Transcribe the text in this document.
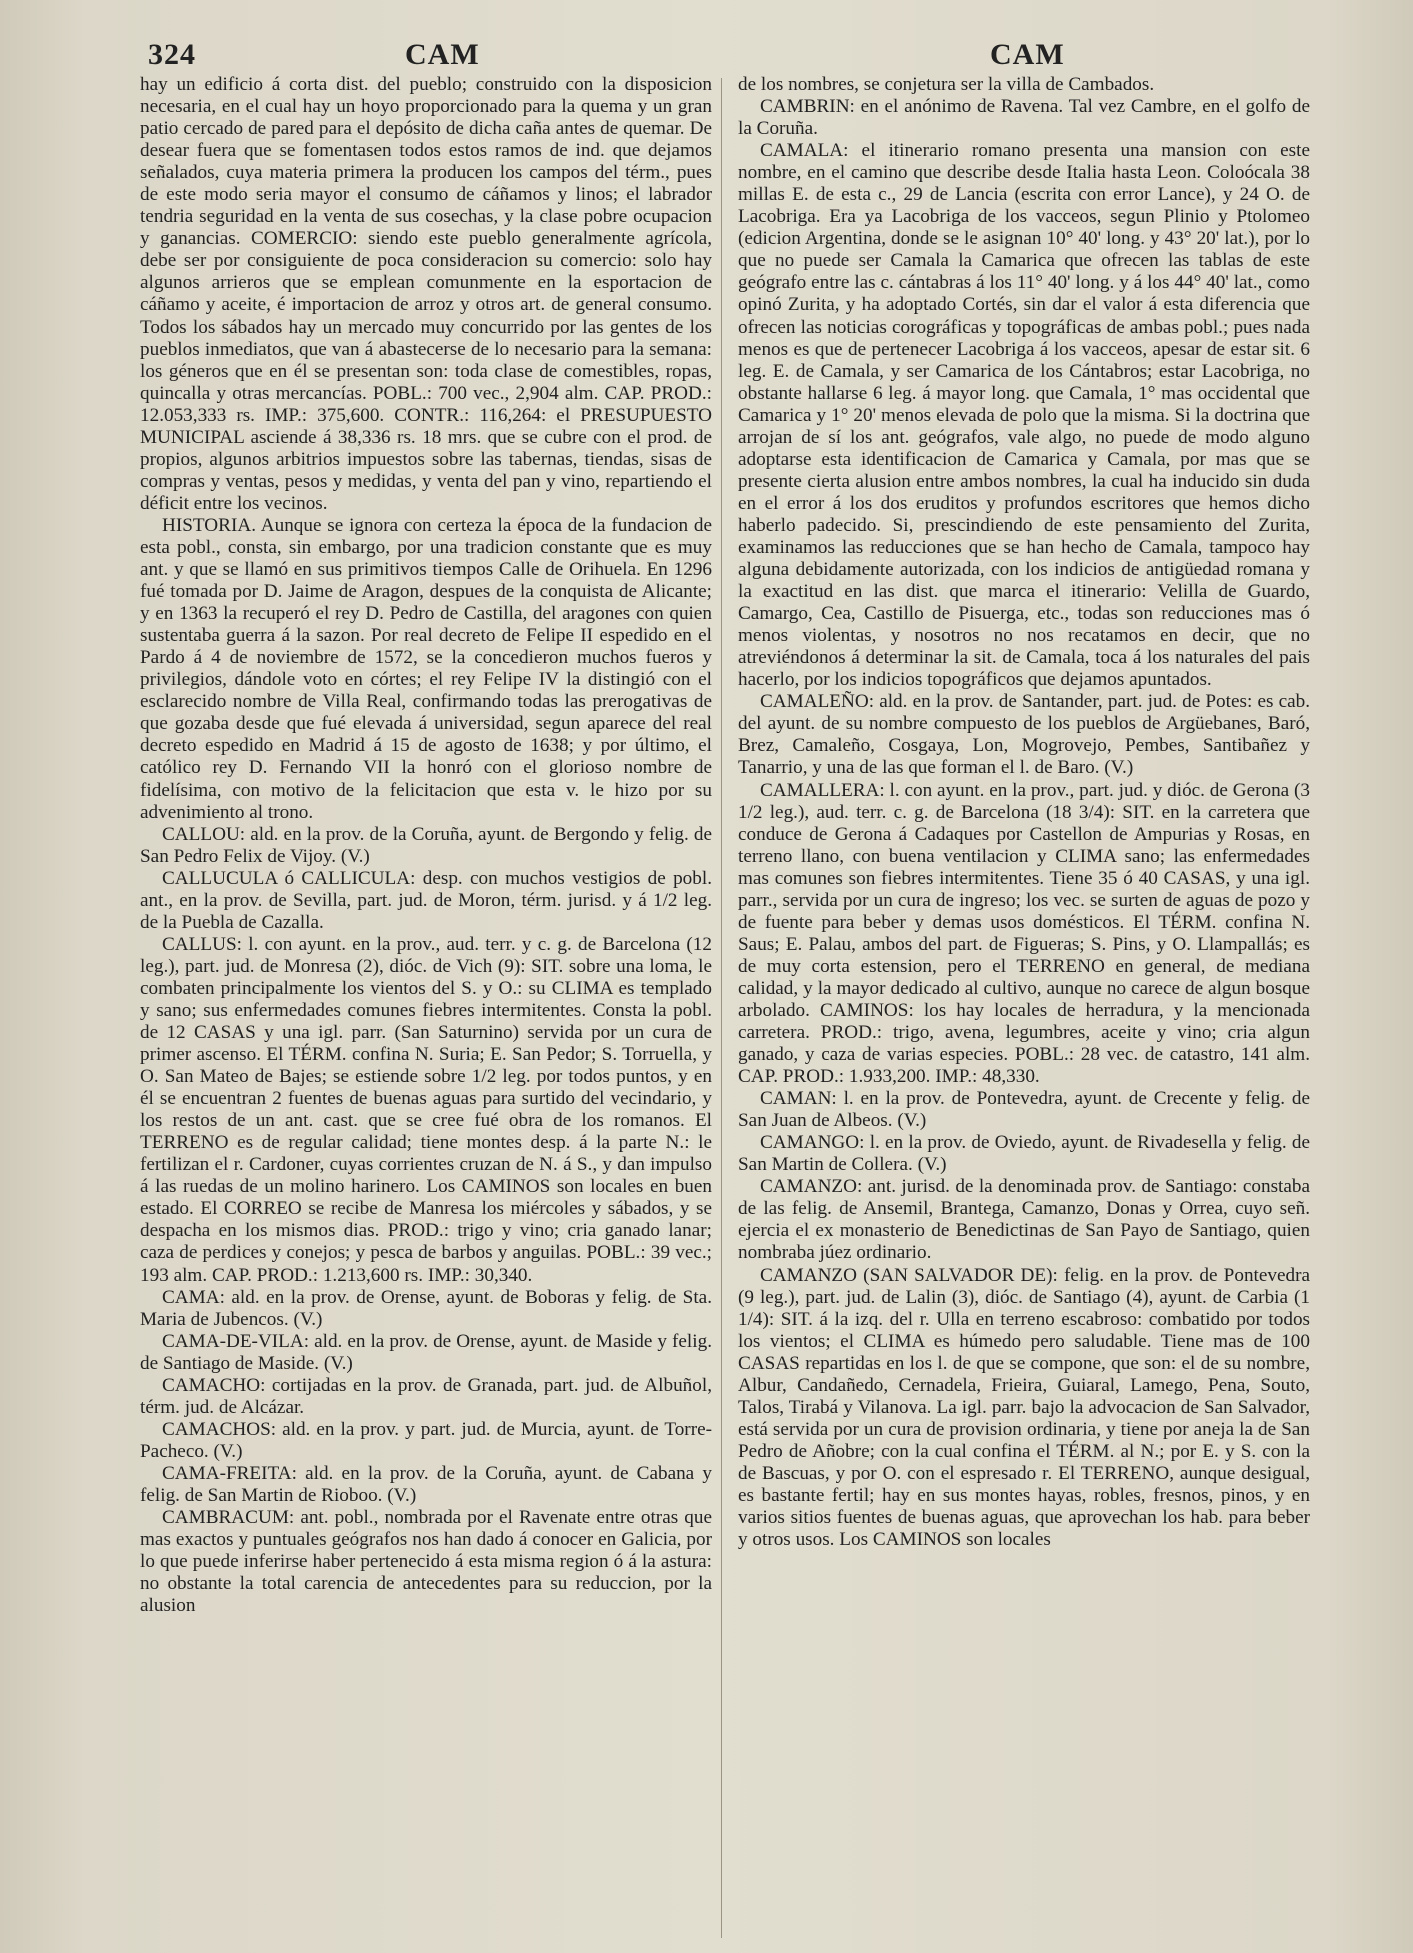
324	CAM	CAM

hay un edificio á corta dist. del pueblo; construido con la disposicion necesaria, en el cual hay un hoyo proporcionado para la quema y un gran patio cercado de pared para el depósito de dicha caña antes de quemar. De desear fuera que se fomentasen todos estos ramos de ind. que dejamos señalados, cuya materia primera la producen los campos del térm., pues de este modo seria mayor el consumo de cáñamos y linos; el labrador tendria seguridad en la venta de sus cosechas, y la clase pobre ocupacion y ganancias. COMERCIO: siendo este pueblo generalmente agrícola, debe ser por consiguiente de poca consideracion su comercio: solo hay algunos arrieros que se emplean comunmente en la esportacion de cáñamo y aceite, é importacion de arroz y otros art. de general consumo. Todos los sábados hay un mercado muy concurrido por las gentes de los pueblos inmediatos, que van á abastecerse de lo necesario para la semana: los géneros que en él se presentan son: toda clase de comestibles, ropas, quincalla y otras mercancías. POBL.: 700 vec., 2,904 alm. CAP. PROD.: 12.053,333 rs. IMP.: 375,600. CONTR.: 116,264: el PRESUPUESTO MUNICIPAL asciende á 38,336 rs. 18 mrs. que se cubre con el prod. de propios, algunos arbitrios impuestos sobre las tabernas, tiendas, sisas de compras y ventas, pesos y medidas, y venta del pan y vino, repartiendo el déficit entre los vecinos.

HISTORIA. Aunque se ignora con certeza la época de la fundacion de esta pobl., consta, sin embargo, por una tradicion constante que es muy ant. y que se llamó en sus primitivos tiempos Calle de Orihuela. En 1296 fué tomada por D. Jaime de Aragon, despues de la conquista de Alicante; y en 1363 la recuperó el rey D. Pedro de Castilla, del aragones con quien sustentaba guerra á la sazon. Por real decreto de Felipe II espedido en el Pardo á 4 de noviembre de 1572, se la concedieron muchos fueros y privilegios, dándole voto en córtes; el rey Felipe IV la distingió con el esclarecido nombre de Villa Real, confirmando todas las prerogativas de que gozaba desde que fué elevada á universidad, segun aparece del real decreto espedido en Madrid á 15 de agosto de 1638; y por último, el católico rey D. Fernando VII la honró con el glorioso nombre de fidelísima, con motivo de la felicitacion que esta v. le hizo por su advenimiento al trono.

CALLOU: ald. en la prov. de la Coruña, ayunt. de Bergondo y felig. de San Pedro Felix de Vijoy. (V.)

CALLUCULA ó CALLICULA: desp. con muchos vestigios de pobl. ant., en la prov. de Sevilla, part. jud. de Moron, térm. jurisd. y á 1/2 leg. de la Puebla de Cazalla.

CALLUS: l. con ayunt. en la prov., aud. terr. y c. g. de Barcelona (12 leg.), part. jud. de Monresa (2), dióc. de Vich (9): SIT. sobre una loma, le combaten principalmente los vientos del S. y O.: su CLIMA es templado y sano; sus enfermedades comunes fiebres intermitentes. Consta la pobl. de 12 CASAS y una igl. parr. (San Saturnino) servida por un cura de primer ascenso. El TÉRM. confina N. Suria; E. San Pedor; S. Torruella, y O. San Mateo de Bajes; se estiende sobre 1/2 leg. por todos puntos, y en él se encuentran 2 fuentes de buenas aguas para surtido del vecindario, y los restos de un ant. cast. que se cree fué obra de los romanos. El TERRENO es de regular calidad; tiene montes desp. á la parte N.: le fertilizan el r. Cardoner, cuyas corrientes cruzan de N. á S., y dan impulso á las ruedas de un molino harinero. Los CAMINOS son locales en buen estado. El CORREO se recibe de Manresa los miércoles y sábados, y se despacha en los mismos dias. PROD.: trigo y vino; cria ganado lanar; caza de perdices y conejos; y pesca de barbos y anguilas. POBL.: 39 vec.; 193 alm. CAP. PROD.: 1.213,600 rs. IMP.: 30,340.

CAMA: ald. en la prov. de Orense, ayunt. de Boboras y felig. de Sta. Maria de Jubencos. (V.)

CAMA-DE-VILA: ald. en la prov. de Orense, ayunt. de Maside y felig. de Santiago de Maside. (V.)

CAMACHO: cortijadas en la prov. de Granada, part. jud. de Albuñol, térm. jud. de Alcázar.

CAMACHOS: ald. en la prov. y part. jud. de Murcia, ayunt. de Torre-Pacheco. (V.)

CAMA-FREITA: ald. en la prov. de la Coruña, ayunt. de Cabana y felig. de San Martin de Rioboo. (V.)

CAMBRACUM: ant. pobl., nombrada por el Ravenate entre otras que mas exactos y puntuales geógrafos nos han dado á conocer en Galicia, por lo que puede inferirse haber pertenecido á esta misma region ó á la astura: no obstante la total carencia de antecedentes para su reduccion, por la alusion

de los nombres, se conjetura ser la villa de Cambados.

CAMBRIN: en el anónimo de Ravena. Tal vez Cambre, en el golfo de la Coruña.

CAMALA: el itinerario romano presenta una mansion con este nombre, en el camino que describe desde Italia hasta Leon. Coloócala 38 millas E. de esta c., 29 de Lancia (escrita con error Lance), y 24 O. de Lacobriga. Era ya Lacobriga de los vacceos, segun Plinio y Ptolomeo (edicion Argentina, donde se le asignan 10° 40' long. y 43° 20' lat.), por lo que no puede ser Camala la Camarica que ofrecen las tablas de este geógrafo entre las c. cántabras á los 11° 40' long. y á los 44° 40' lat., como opinó Zurita, y ha adoptado Cortés, sin dar el valor á esta diferencia que ofrecen las noticias corográficas y topográficas de ambas pobl.; pues nada menos es que de pertenecer Lacobriga á los vacceos, apesar de estar sit. 6 leg. E. de Camala, y ser Camarica de los Cántabros; estar Lacobriga, no obstante hallarse 6 leg. á mayor long. que Camala, 1° mas occidental que Camarica y 1° 20' menos elevada de polo que la misma. Si la doctrina que arrojan de sí los ant. geógrafos, vale algo, no puede de modo alguno adoptarse esta identificacion de Camarica y Camala, por mas que se presente cierta alusion entre ambos nombres, la cual ha inducido sin duda en el error á los dos eruditos y profundos escritores que hemos dicho haberlo padecido. Si, prescindiendo de este pensamiento del Zurita, examinamos las reducciones que se han hecho de Camala, tampoco hay alguna debidamente autorizada, con los indicios de antigüedad romana y la exactitud en las dist. que marca el itinerario: Velilla de Guardo, Camargo, Cea, Castillo de Pisuerga, etc., todas son reducciones mas ó menos violentas, y nosotros no nos recatamos en decir, que no atreviéndonos á determinar la sit. de Camala, toca á los naturales del pais hacerlo, por los indicios topográficos que dejamos apuntados.

CAMALEÑO: ald. en la prov. de Santander, part. jud. de Potes: es cab. del ayunt. de su nombre compuesto de los pueblos de Argüebanes, Baró, Brez, Camaleño, Cosgaya, Lon, Mogrovejo, Pembes, Santibañez y Tanarrio, y una de las que forman el l. de Baro. (V.)

CAMALLERA: l. con ayunt. en la prov., part. jud. y dióc. de Gerona (3 1/2 leg.), aud. terr. c. g. de Barcelona (18 3/4): SIT. en la carretera que conduce de Gerona á Cadaques por Castellon de Ampurias y Rosas, en terreno llano, con buena ventilacion y CLIMA sano; las enfermedades mas comunes son fiebres intermitentes. Tiene 35 ó 40 CASAS, y una igl. parr., servida por un cura de ingreso; los vec. se surten de aguas de pozo y de fuente para beber y demas usos domésticos. El TÉRM. confina N. Saus; E. Palau, ambos del part. de Figueras; S. Pins, y O. Llampallás; es de muy corta estension, pero el TERRENO en general, de mediana calidad, y la mayor dedicado al cultivo, aunque no carece de algun bosque arbolado. CAMINOS: los hay locales de herradura, y la mencionada carretera. PROD.: trigo, avena, legumbres, aceite y vino; cria algun ganado, y caza de varias especies. POBL.: 28 vec. de catastro, 141 alm. CAP. PROD.: 1.933,200. IMP.: 48,330.

CAMAN: l. en la prov. de Pontevedra, ayunt. de Crecente y felig. de San Juan de Albeos. (V.)

CAMANGO: l. en la prov. de Oviedo, ayunt. de Rivadesella y felig. de San Martin de Collera. (V.)

CAMANZO: ant. jurisd. de la denominada prov. de Santiago: constaba de las felig. de Ansemil, Brantega, Camanzo, Donas y Orrea, cuyo señ. ejercia el ex monasterio de Benedictinas de San Payo de Santiago, quien nombraba júez ordinario.

CAMANZO (SAN SALVADOR DE): felig. en la prov. de Pontevedra (9 leg.), part. jud. de Lalin (3), dióc. de Santiago (4), ayunt. de Carbia (1 1/4): SIT. á la izq. del r. Ulla en terreno escabroso: combatido por todos los vientos; el CLIMA es húmedo pero saludable. Tiene mas de 100 CASAS repartidas en los l. de que se compone, que son: el de su nombre, Albur, Candañedo, Cernadela, Frieira, Guiaral, Lamego, Pena, Souto, Talos, Tirabá y Vilanova. La igl. parr. bajo la advocacion de San Salvador, está servida por un cura de provision ordinaria, y tiene por aneja la de San Pedro de Añobre; con la cual confina el TÉRM. al N.; por E. y S. con la de Bascuas, y por O. con el espresado r. El TERRENO, aunque desigual, es bastante fertil; hay en sus montes hayas, robles, fresnos, pinos, y en varios sitios fuentes de buenas aguas, que aprovechan los hab. para beber y otros usos. Los CAMINOS son locales
